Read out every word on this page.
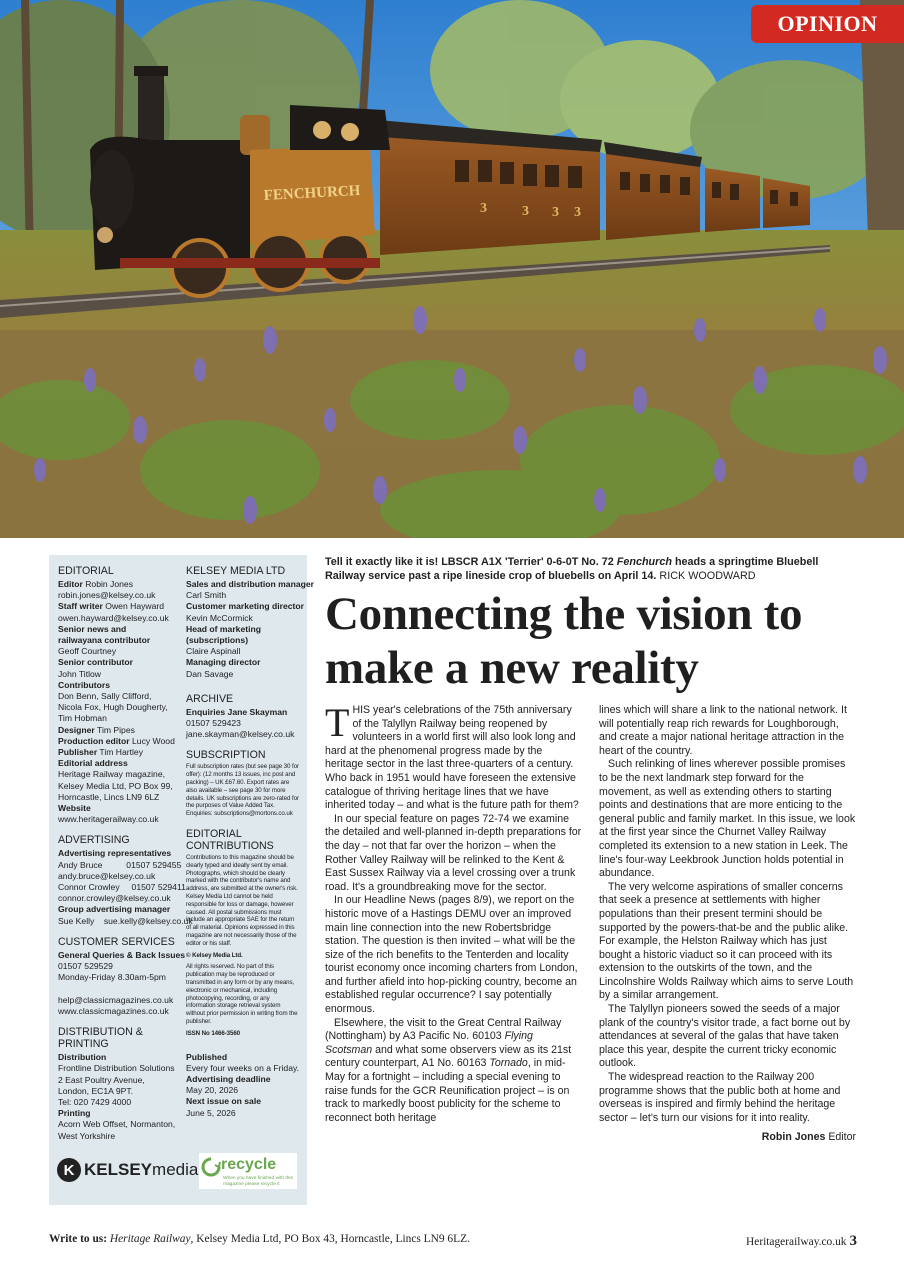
3	3 3 3
FENCHURCH
OPINION
EDITORIAL
Editor Robin Jones
robin.jones@kelsey.co.uk
Staff writer Owen Hayward
owen.hayward@kelsey.co.uk
Senior news and
railwayana contributor
Geoff Courtney
Senior contributor
John Titlow
Contributors
Don Benn, Sally Clifford,
Nicola Fox, Hugh Dougherty,
Tim Hobman
Designer Tim Pipes
Production editor Lucy Wood
Publisher Tim Hartley
Editorial address
Heritage Railway magazine,
Kelsey Media Ltd, PO Box 99,
Horncastle, Lincs LN9 6LZ
Website
www.heritagerailway.co.uk
ADVERTISING
Advertising representatives
Andy Bruce          01507 529455
andy.bruce@kelsey.co.uk
Connor Crowley     01507 529411
connor.crowley@kelsey.co.uk
Group advertising manager
Sue Kelly    sue.kelly@kelsey.co.uk
CUSTOMER SERVICES
General Queries & Back Issues
01507 529529
Monday-Friday 8.30am-5pm

help@classicmagazines.co.uk
www.classicmagazines.co.uk
DISTRIBUTION & PRINTING
Distribution
Frontline Distribution Solutions
2 East Poultry Avenue,
London, EC1A 9PT.
Tel: 020 7429 4000
Printing
Acorn Web Offset, Normanton,
West Yorkshire
KELSEY MEDIA LTD
Sales and distribution manager
Carl Smith
Customer marketing director
Kevin McCormick
Head of marketing
(subscriptions)
Claire Aspinall
Managing director
Dan Savage
ARCHIVE
Enquiries Jane Skayman
01507 529423
jane.skayman@kelsey.co.uk
SUBSCRIPTION
Full subscription rates (but see page 30 for offer): (12 months 13 issues, inc post and packing) – UK £67.60. Export rates are also available – see page 30 for more details. UK subscriptions are zero-rated for the purposes of Value Added Tax. Enquiries: subscriptions@mortons.co.uk
EDITORIAL CONTRIBUTIONS
Contributions to this magazine should be clearly typed and ideally sent by email. Photographs, which should be clearly marked with the contributor's name and address, are submitted at the owner's risk. Kelsey Media Ltd cannot be held responsible for loss or damage, however caused. All postal submissions must include an appropriate SAE for the return of all material. Opinions expressed in this magazine are not necessarily those of the editor or his staff.
© Kelsey Media Ltd.
All rights reserved. No part of this publication may be reproduced or transmitted in any form or by any means, electronic or mechanical, including photocopying, recording, or any information storage retrieval system without prior permission in writing from the publisher.
ISSN No 1466-3560
Published
Every four weeks on a Friday.
Advertising deadline
May 20, 2026
Next issue on sale
June 5, 2026
K KELSEYmedia recycle
When you have finished with this magazine please recycle it
Tell it exactly like it is! LBSCR A1X 'Terrier' 0-6-0T No. 72 Fenchurch heads a springtime Bluebell Railway service past a ripe lineside crop of bluebells on April 14. RICK WOODWARD
Connecting the vision to make a new reality

THIS year's celebrations of the 75th anniversary of the Talyllyn Railway being reopened by volunteers in a world first will also look long and hard at the phenomenal progress made by the heritage sector in the last three-quarters of a century. Who back in 1951 would have foreseen the extensive catalogue of thriving heritage lines that we have inherited today – and what is the future path for them?

In our special feature on pages 72-74 we examine the detailed and well-planned in-depth preparations for the day – not that far over the horizon – when the Rother Valley Railway will be relinked to the Kent & East Sussex Railway via a level crossing over a trunk road. It's a groundbreaking move for the sector.

In our Headline News (pages 8/9), we report on the historic move of a Hastings DEMU over an improved main line connection into the new Robertsbridge station. The question is then invited – what will be the size of the rich benefits to the Tenterden and locality tourist economy once incoming charters from London, and further afield into hop-picking country, become an established regular occurrence? I say potentially enormous.

Elsewhere, the visit to the Great Central Railway (Nottingham) by A3 Pacific No. 60103 Flying Scotsman and what some observers view as its 21st century counterpart, A1 No. 60163 Tornado, in mid-May for a fortnight – including a special evening to raise funds for the GCR Reunification project – is on track to markedly boost publicity for the scheme to reconnect both heritage

lines which will share a link to the national network. It will potentially reap rich rewards for Loughborough, and create a major national heritage attraction in the heart of the country.

Such relinking of lines wherever possible promises to be the next landmark step forward for the movement, as well as extending others to starting points and destinations that are more enticing to the general public and family market. In this issue, we look at the first year since the Churnet Valley Railway completed its extension to a new station in Leek. The line's four-way Leekbrook Junction holds potential in abundance.

The very welcome aspirations of smaller concerns that seek a presence at settlements with higher populations than their present termini should be supported by the powers-that-be and the public alike. For example, the Helston Railway which has just bought a historic viaduct so it can proceed with its extension to the outskirts of the town, and the Lincolnshire Wolds Railway which aims to serve Louth by a similar arrangement.

The Talyllyn pioneers sowed the seeds of a major plank of the country's visitor trade, a fact borne out by attendances at several of the galas that have taken place this year, despite the current tricky economic outlook.

The widespread reaction to the Railway 200 programme shows that the public both at home and overseas is inspired and firmly behind the heritage sector – let's turn our visions for it into reality.

Robin Jones Editor
Write to us: Heritage Railway, Kelsey Media Ltd, PO Box 43, Horncastle, Lincs LN9 6LZ.	Heritagerailway.co.uk 3
